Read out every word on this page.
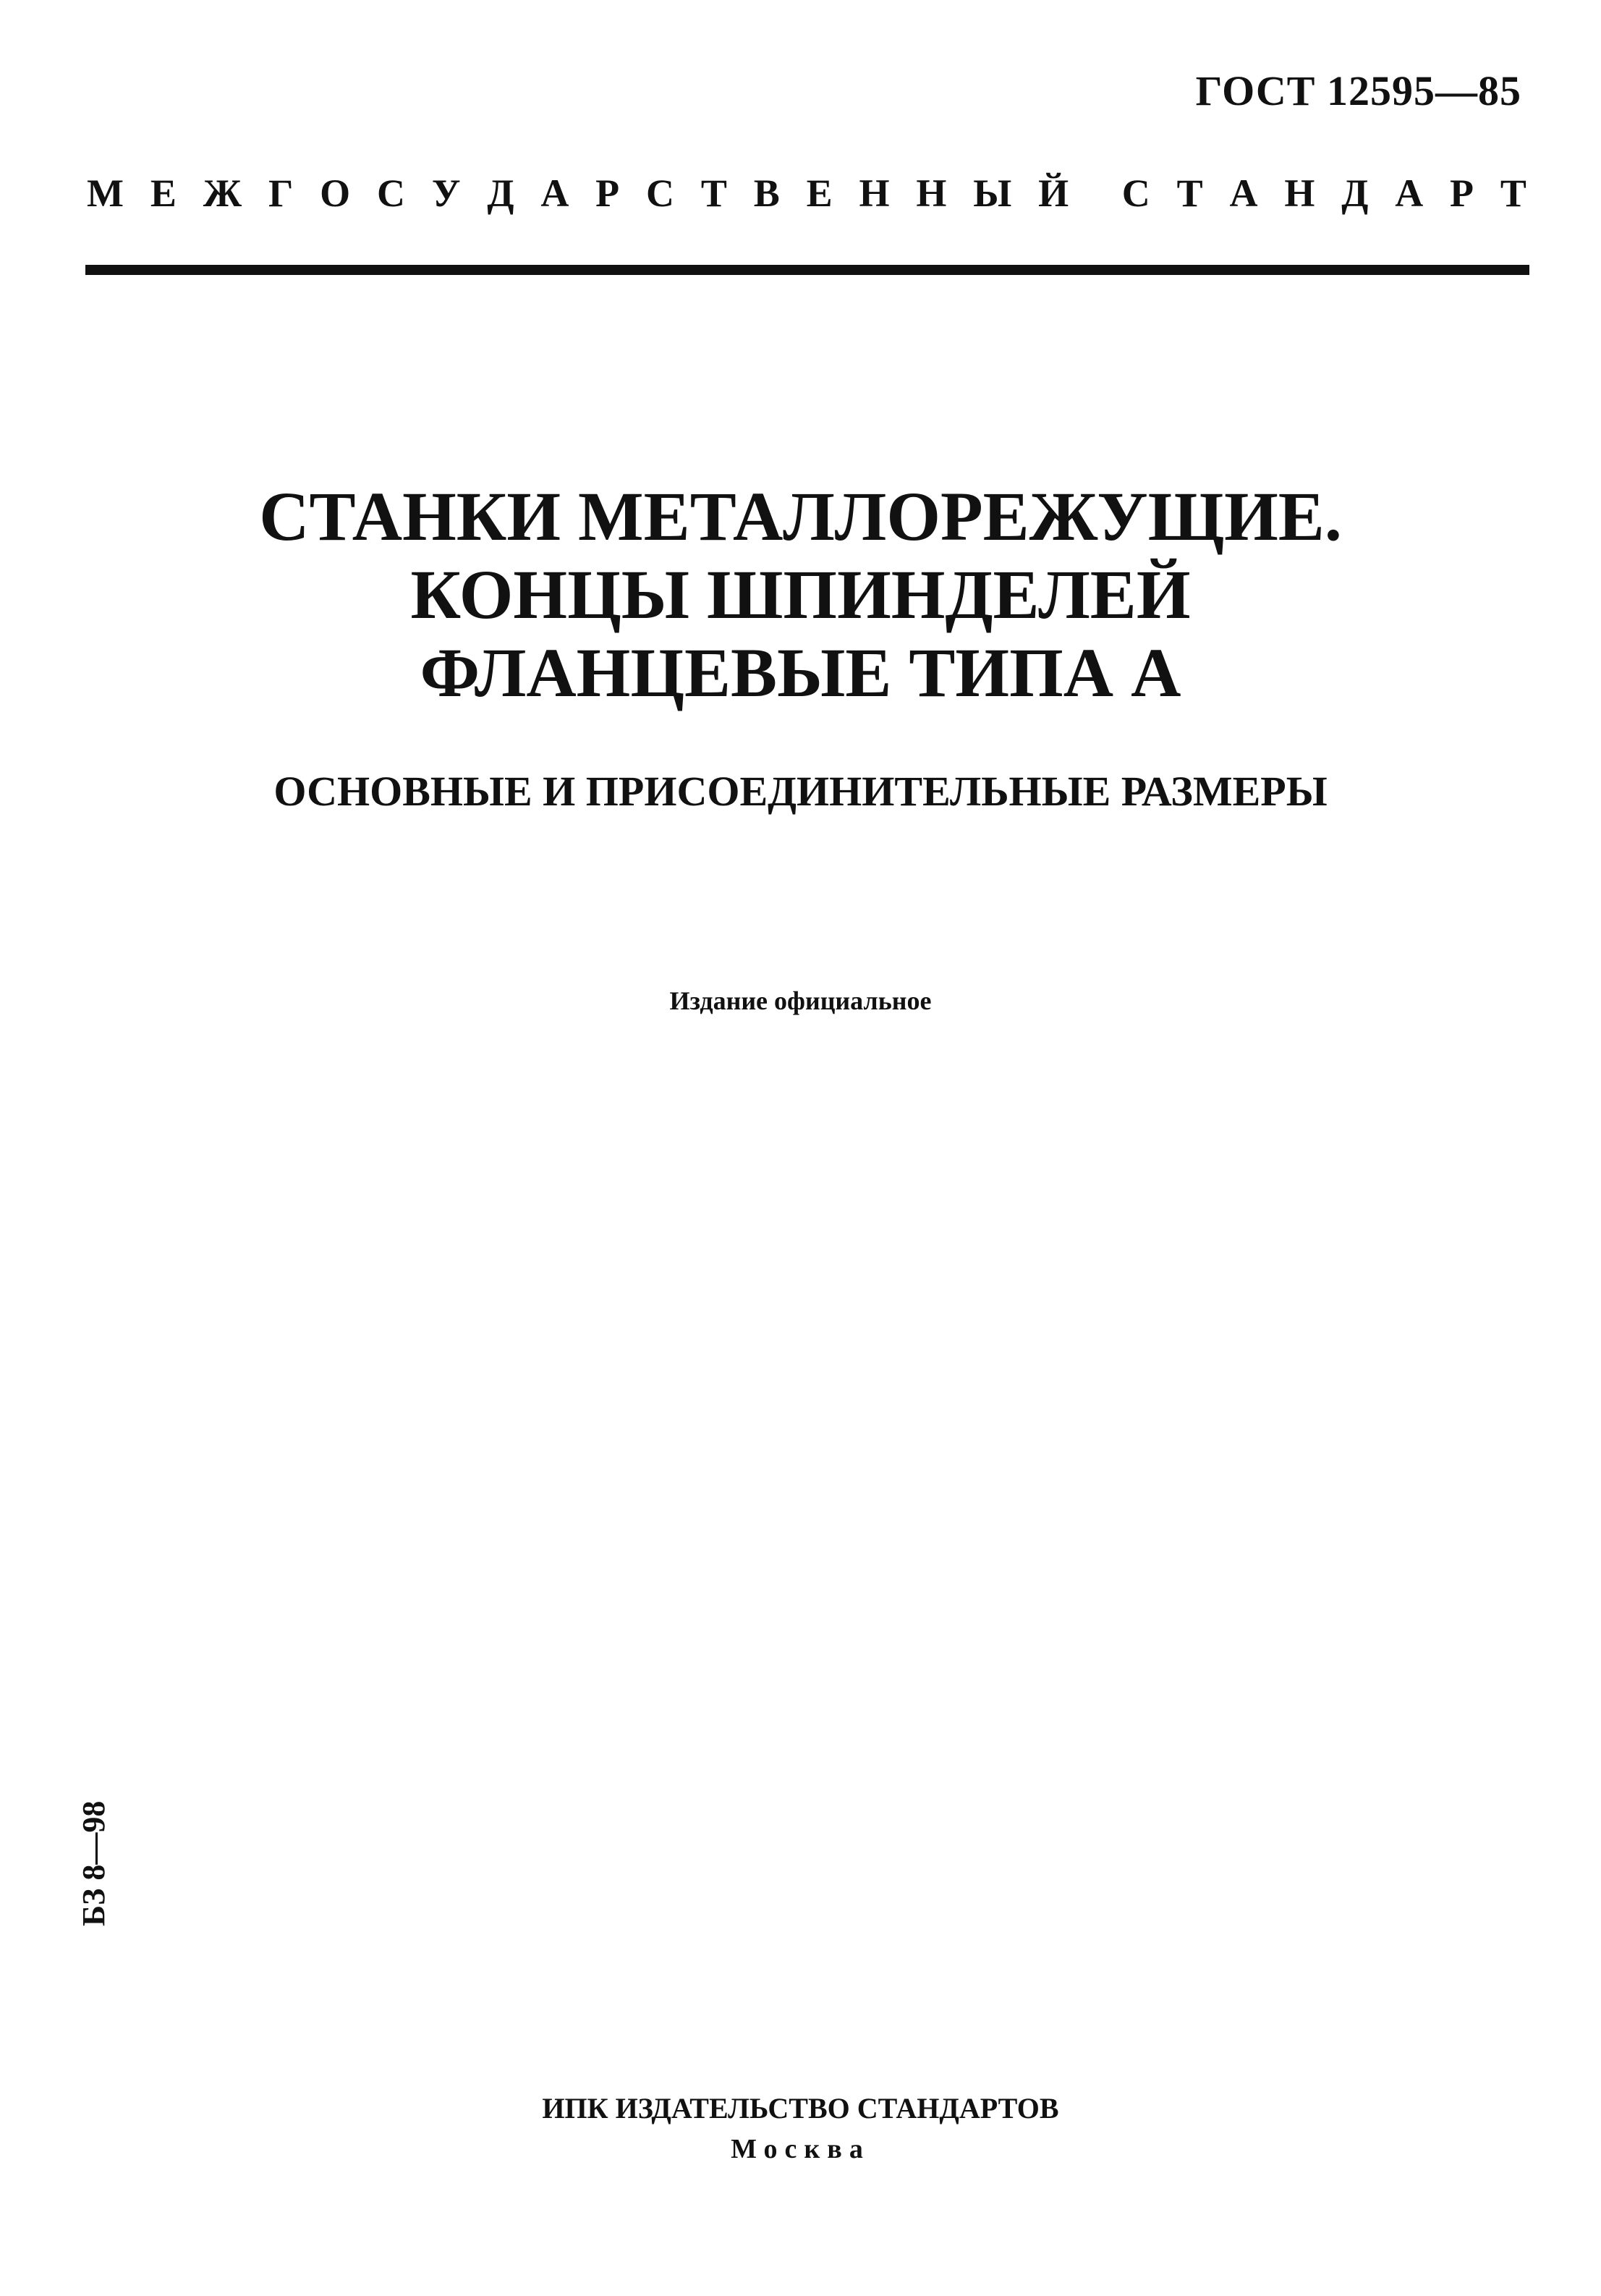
ГОСТ 12595—85
М Е Ж Г О С У Д А Р С Т В Е Н Н Ы Й С Т А Н Д А Р Т
СТАНКИ МЕТАЛЛОРЕЖУЩИЕ.
КОНЦЫ ШПИНДЕЛЕЙ
ФЛАНЦЕВЫЕ ТИПА А
ОСНОВНЫЕ И ПРИСОЕДИНИТЕЛЬНЫЕ РАЗМЕРЫ
Издание официальное
БЗ 8—98
ИПК ИЗДАТЕЛЬСТВО СТАНДАРТОВ
Москва
